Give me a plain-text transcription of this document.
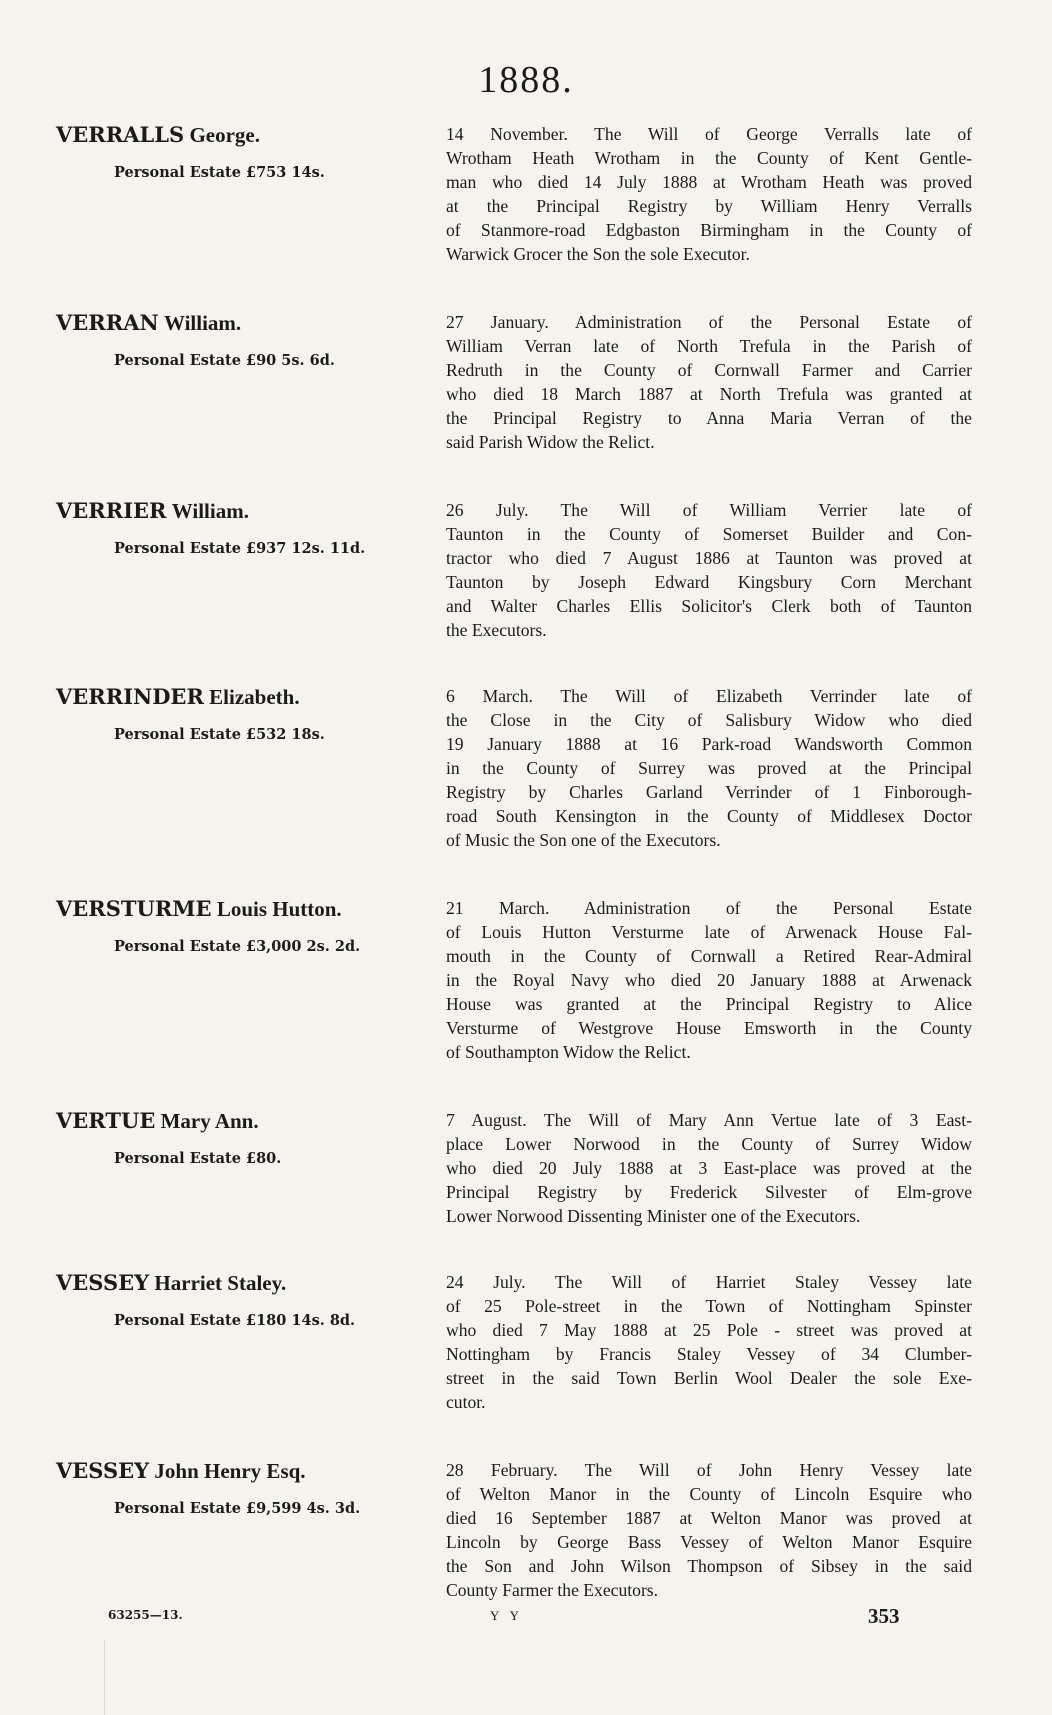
1888.
VERRALLS George.
Personal Estate £753 14s.
14 November. The Will of George Verralls late of
Wrotham Heath Wrotham in the County of Kent Gentle-
man who died 14 July 1888 at Wrotham Heath was proved
at the Principal Registry by William Henry Verralls
of Stanmore-road Edgbaston Birmingham in the County of
Warwick Grocer the Son the sole Executor.
VERRAN William.
Personal Estate £90 5s. 6d.
27 January. Administration of the Personal Estate of
William Verran late of North Trefula in the Parish of
Redruth in the County of Cornwall Farmer and Carrier
who died 18 March 1887 at North Trefula was granted at
the Principal Registry to Anna Maria Verran of the
said Parish Widow the Relict.
VERRIER William.
Personal Estate £937 12s. 11d.
26 July. The Will of William Verrier late of
Taunton in the County of Somerset Builder and Con-
tractor who died 7 August 1886 at Taunton was proved at
Taunton by Joseph Edward Kingsbury Corn Merchant
and Walter Charles Ellis Solicitor's Clerk both of Taunton
the Executors.
VERRINDER Elizabeth.
Personal Estate £532 18s.
6 March. The Will of Elizabeth Verrinder late of
the Close in the City of Salisbury Widow who died
19 January 1888 at 16 Park-road Wandsworth Common
in the County of Surrey was proved at the Principal
Registry by Charles Garland Verrinder of 1 Finborough-
road South Kensington in the County of Middlesex Doctor
of Music the Son one of the Executors.
VERSTURME Louis Hutton.
Personal Estate £3,000 2s. 2d.
21 March. Administration of the Personal Estate
of Louis Hutton Versturme late of Arwenack House Fal-
mouth in the County of Cornwall a Retired Rear-Admiral
in the Royal Navy who died 20 January 1888 at Arwenack
House was granted at the Principal Registry to Alice
Versturme of Westgrove House Emsworth in the County
of Southampton Widow the Relict.
VERTUE Mary Ann.
Personal Estate £80.
7 August. The Will of Mary Ann Vertue late of 3 East-
place Lower Norwood in the County of Surrey Widow
who died 20 July 1888 at 3 East-place was proved at the
Principal Registry by Frederick Silvester of Elm-grove
Lower Norwood Dissenting Minister one of the Executors.
VESSEY Harriet Staley.
Personal Estate £180 14s. 8d.
24 July. The Will of Harriet Staley Vessey late
of 25 Pole-street in the Town of Nottingham Spinster
who died 7 May 1888 at 25 Pole - street was proved at
Nottingham by Francis Staley Vessey of 34 Clumber-
street in the said Town Berlin Wool Dealer the sole Exe-
cutor.
VESSEY John Henry Esq.
Personal Estate £9,599 4s. 3d.
28 February. The Will of John Henry Vessey late
of Welton Manor in the County of Lincoln Esquire who
died 16 September 1887 at Welton Manor was proved at
Lincoln by George Bass Vessey of Welton Manor Esquire
the Son and John Wilson Thompson of Sibsey in the said
County Farmer the Executors.
63255—13.	Y Y	353
